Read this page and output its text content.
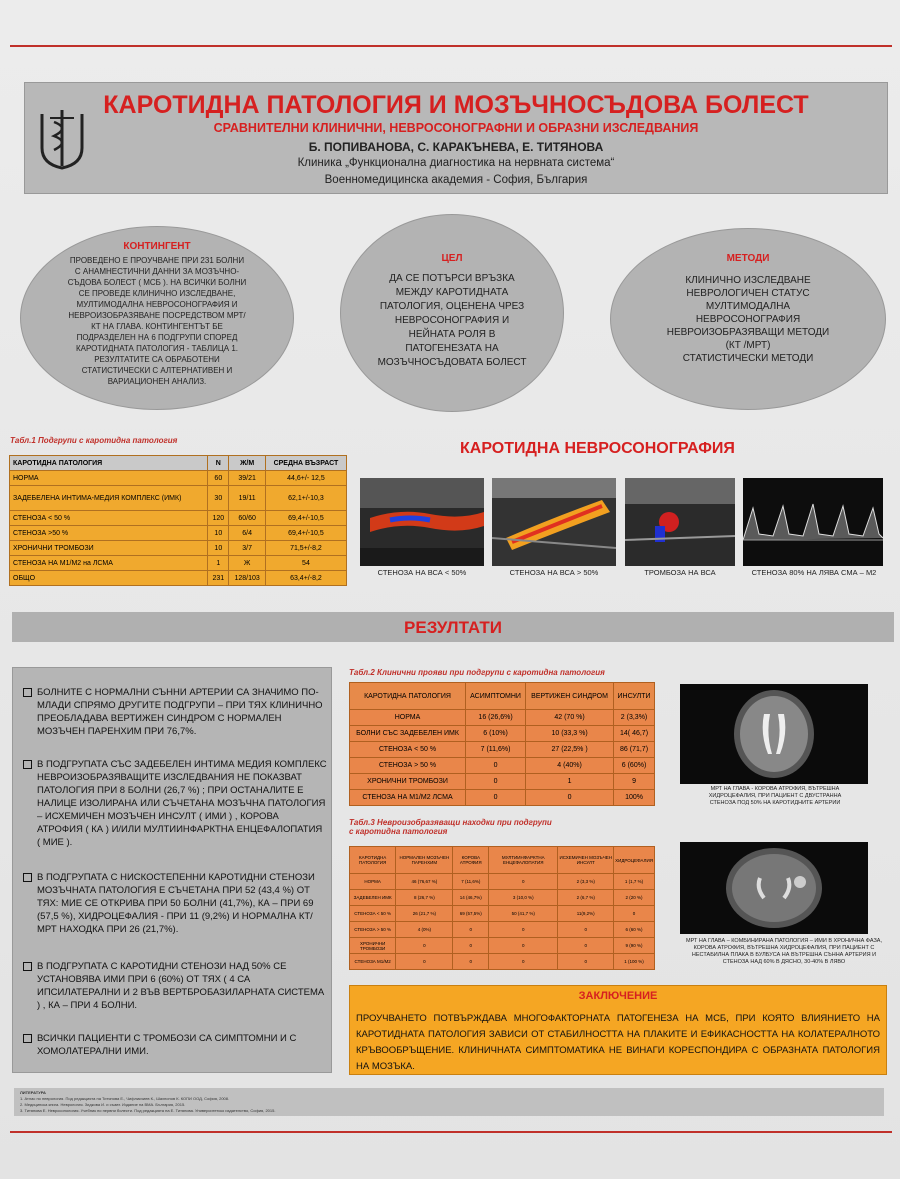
КАРОТИДНА ПАТОЛОГИЯ И МОЗЪЧНОСЪДОВА БОЛЕСТ
СРАВНИТЕЛНИ КЛИНИЧНИ, НЕВРОСОНОГРАФНИ И ОБРАЗНИ ИЗСЛЕДВАНИЯ
Б. ПОПИВАНОВА, С. КАРАКЪНЕВА, Е. ТИТЯНОВА
Клиника „Функционална диагностика на нервната система“
Военномедицинска академия - София, България
КОНТИНГЕНТ
ПРОВЕДЕНО Е ПРОУЧВАНЕ ПРИ 231 БОЛНИ
С АНАМНЕСТИЧНИ ДАННИ ЗА МОЗЪЧНО-
СЪДОВА БОЛЕСТ ( МСБ ). НА ВСИЧКИ БОЛНИ
СЕ ПРОВЕДЕ КЛИНИЧНО ИЗСЛЕДВАНЕ,
МУЛТИМОДАЛНА НЕВРОСОНОГРАФИЯ И
НЕВРОИЗОБРАЗЯВАНЕ ПОСРЕДСТВОМ МРТ/
КТ НА ГЛАВА. КОНТИНГЕНТЪТ БЕ
ПОДРАЗДЕЛЕН НА 6 ПОДГРУПИ СПОРЕД
КАРОТИДНАТА ПАТОЛОГИЯ - ТАБЛИЦА 1.
РЕЗУЛТАТИТЕ СА ОБРАБОТЕНИ
СТАТИСТИЧЕСКИ С АЛТЕРНАТИВЕН И
ВАРИАЦИОНЕН АНАЛИЗ.
ЦЕЛ
ДА СЕ ПОТЪРСИ ВРЪЗКА
МЕЖДУ КАРОТИДНАТА
ПАТОЛОГИЯ, ОЦЕНЕНА ЧРЕЗ
НЕВРОСОНОГРАФИЯ И
НЕЙНАТА РОЛЯ В
ПАТОГЕНЕЗАТА НА
МОЗЪЧНОСЪДОВАТА БОЛЕСТ
МЕТОДИ
КЛИНИЧНО ИЗСЛЕДВАНЕ
НЕВРОЛОГИЧЕН СТАТУС
МУЛТИМОДАЛНА
НЕВРОСОНОГРАФИЯ
НЕВРОИЗОБРАЗЯВАЩИ МЕТОДИ
(КТ /МРТ)
СТАТИСТИЧЕСКИ МЕТОДИ
Табл.1 Подгрупи с каротидна патология
КАРОТИДНА ПАТОЛОГИЯ	N	Ж/М	СРЕДНА ВЪЗРАСТ
НОРМА	60	39/21	44,6+/- 12,5
ЗАДЕБЕЛЕНА ИНТИМА-МЕДИЯ КОМПЛЕКС (ИМК)	30	19/11	62,1+/-10,3
СТЕНОЗА < 50 %	120	60/60	69,4+/-10,5
СТЕНОЗА >50 %	10	6/4	69,4+/-10,5
ХРОНИЧНИ ТРОМБОЗИ	10	3/7	71,5+/-8,2
СТЕНОЗА НА М1/М2 на ЛСМА	1	Ж	54
ОБЩО	231	128/103	63,4+/-8,2
КАРОТИДНА НЕВРОСОНОГРАФИЯ
СТЕНОЗА НА ВСА < 50%	СТЕНОЗА НА ВСА > 50%	ТРОМБОЗА НА ВСА	СТЕНОЗА 80% НА ЛЯВА СМА – М2
РЕЗУЛТАТИ
БОЛНИТЕ С НОРМАЛНИ СЪННИ АРТЕРИИ СА ЗНАЧИМО ПО-МЛАДИ СПРЯМО ДРУГИТЕ ПОДГРУПИ – ПРИ ТЯХ КЛИНИЧНО ПРЕОБЛАДАВА ВЕРТИЖЕН СИНДРОМ С НОРМАЛЕН МОЗЪЧЕН ПАРЕНХИМ ПРИ 76,7%.
В ПОДГРУПАТА СЪС ЗАДЕБЕЛЕН ИНТИМА МЕДИЯ КОМПЛЕКС НЕВРОИЗОБРАЗЯВАЩИТЕ ИЗСЛЕДВАНИЯ НЕ ПОКАЗВАТ ПАТОЛОГИЯ ПРИ 8 БОЛНИ (26,7 %) ; ПРИ ОСТАНАЛИТЕ Е НАЛИЦЕ ИЗОЛИРАНА ИЛИ СЪЧЕТАНА МОЗЪЧНА ПАТОЛОГИЯ – ИСХЕМИЧЕН МОЗЪЧЕН ИНСУЛТ ( ИМИ ) , КОРОВА АТРОФИЯ ( КА ) И/ИЛИ МУЛТИИНФАРКТНА ЕНЦЕФАЛОПАТИЯ ( МИЕ ).
В ПОДГРУПАТА С НИСКОСТЕПЕННИ КАРОТИДНИ СТЕНОЗИ МОЗЪЧНАТА ПАТОЛОГИЯ Е СЪЧЕТАНА ПРИ 52 (43,4 %) ОТ ТЯХ: МИЕ СЕ ОТКРИВА ПРИ 50 БОЛНИ (41,7%), КА – ПРИ 69 (57,5 %), ХИДРОЦЕФАЛИЯ - ПРИ 11 (9,2%) И НОРМАЛНА КТ/МРТ НАХОДКА ПРИ 26 (21,7%).
В ПОДГРУПАТА С КАРОТИДНИ СТЕНОЗИ НАД 50% СЕ УСТАНОВЯВА ИМИ ПРИ 6 (60%) ОТ ТЯХ ( 4 СА ИПСИЛАТЕРАЛНИ И 2 ВЪВ ВЕРТБРОБАЗИЛАРНАТА СИСТЕМА ) , КА – ПРИ 4 БОЛНИ.
ВСИЧКИ ПАЦИЕНТИ С ТРОМБОЗИ СА СИМПТОМНИ И С ХОМОЛАТЕРАЛНИ ИМИ.
Табл.2 Клинични прояви при подгрупи с каротидна патология
КАРОТИДНА ПАТОЛОГИЯ	АСИМПТОМНИ	ВЕРТИЖЕН СИНДРОМ	ИНСУЛТИ
НОРМА	16 (26,6%)	42 (70 %)	2 (3,3%)
БОЛНИ СЪС ЗАДЕБЕЛЕН ИМК	6 (10%)	10 (33,3 %)	14( 46,7)
СТЕНОЗА < 50 %	7 (11,6%)	27 (22,5% )	86 (71,7)
СТЕНОЗА > 50 %	0	4 (40%)	6 (60%)
ХРОНИЧНИ ТРОМБОЗИ	0	1	9
СТЕНОЗА НА М1/М2 ЛСМА	0	0	100%
Табл.3 Невроизобразяващи находки при подгрупи
с каротидна патология
КАРОТИДНА ПАТОЛОГИЯ	НОРМАЛЕН МОЗЪЧЕН ПАРЕНХИМ	КОРОВА АТРОФИЯ	МУЛТИИНФАРКТНА ЕНЦЕФАЛОПАТИЯ	ИСХЕМИЧЕН МОЗЪЧЕН ИНСУЛТ	ХИДРОЦЕФАЛИЯ
НОРМА	46 (76,67 %)	7 (11,6%)	0	2 (3,3 %)	1 (1,7 %)
ЗАДЕБЕЛЕН ИМК	8 (26,7 %)	14 (46,7%)	3 (10,0 %)	2 (6,7 %)	2 (20 %)
СТЕНОЗА < 50 %	26 (21,7 %)	69 (57,5%)	50 (41,7 %)	11(9,2%)	0
СТЕНОЗА > 50 %	4 (0%)	0	0	0	6 (60 %)
ХРОНИЧНИ ТРОМБОЗИ	0	0	0	0	9 (90 %)
СТЕНОЗА М1/М2	0	0	0	0	1 (100 %)
МРТ НА ГЛАВА - КОРОВА АТРОФИЯ, ВЪТРЕШНА ХИДРОЦЕФАЛИЯ, ПРИ ПАЦИЕНТ С ДВУСТРАННА СТЕНОЗА ПОД 50% НА КАРОТИДНИТЕ АРТЕРИИ
МРТ НА ГЛАВА – КОМБИНИРАНА ПАТОЛОГИЯ – ИМИ В ХРОНИЧНА ФАЗА, КОРОВА АТРОФИЯ, ВЪТРЕШНА ХИДРОЦЕФАЛИЯ, ПРИ ПАЦИЕНТ С НЕСТАБИЛНА ПЛАКА В БУЛБУСА НА ВЪТРЕШНА СЪННА АРТЕРИЯ И СТЕНОЗА НАД 60% В ДЯСНО, 30-40% В ЛЯВО
ЗАКЛЮЧЕНИЕ
ПРОУЧВАНЕТО ПОТВЪРЖДАВА МНОГОФАКТОРНАТА ПАТОГЕНЕЗА НА МСБ, ПРИ КОЯТО ВЛИЯНИЕТО НА КАРОТИДНАТА ПАТОЛОГИЯ ЗАВИСИ ОТ СТАБИЛНОСТТА НА ПЛАКИТЕ И ЕФИКАСНОСТТА НА КОЛАТЕРАЛНОТО КРЪВООБРЪЩЕНИЕ. КЛИНИЧНАТА СИМПТОМАТИКА НЕ ВИНАГИ КОРЕСПОНДИРА С ОБРАЗНАТА ПАТОЛОГИЯ НА МОЗЪКА.
ЛИТЕРАТУРА
1. Атлас по неврология. Под редакцията на Титянова Е., Чифликчиев К., Шахпонов К. КОПИ ООД, София, 2008.
2. Медицинска книга. Неврология. Зидкова И. и съавт. Издание на ВМА. България, 2015.
3. Титянова Е. Невросонология. Учебник по нервни болести. Под редакцията на Е. Титянова. Университетско издателство, София, 2015.
